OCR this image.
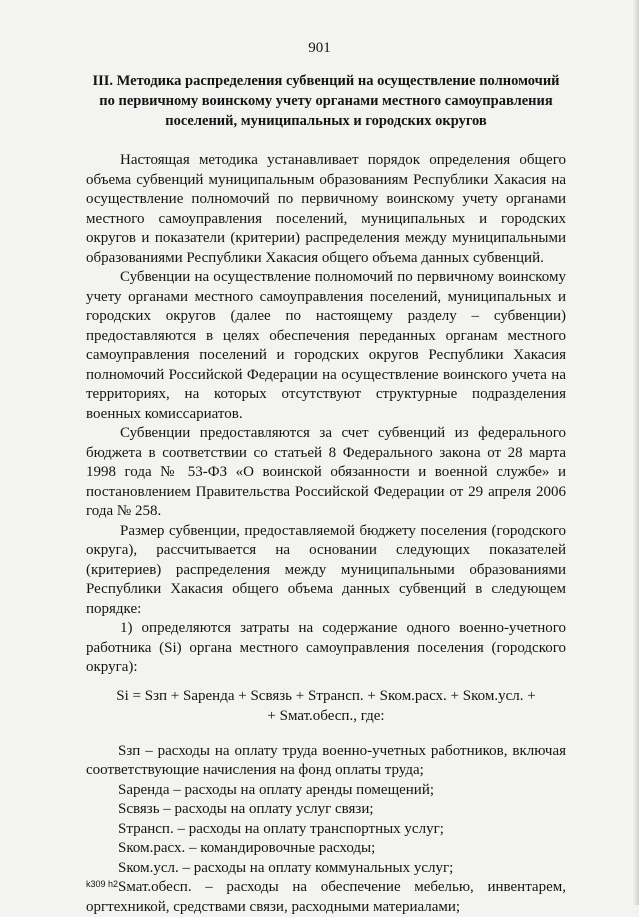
901
III. Методика распределения субвенций на осуществление полномочий
по первичному воинскому учету органами местного самоуправления
поселений, муниципальных и городских округов

Настоящая методика устанавливает порядок определения общего объема субвенций муниципальным образованиям Республики Хакасия на осуществление полномочий по первичному воинскому учету органами местного самоуправления поселений, муниципальных и городских округов и показатели (критерии) распределения между муниципальными образованиями Республики Хакасия общего объема данных субвенций.

Субвенции на осуществление полномочий по первичному воинскому учету органами местного самоуправления поселений, муниципальных и городских округов (далее по настоящему разделу – субвенции) предоставляются в целях обеспечения переданных органам местного самоуправления поселений и городских округов Республики Хакасия полномочий Российской Федерации на осуществление воинского учета на территориях, на которых отсутствуют структурные подразделения военных комиссариатов.

Субвенции предоставляются за счет субвенций из федерального бюджета в соответствии со статьей 8 Федерального закона от 28 марта 1998 года № 53-ФЗ «О воинской обязанности и военной службе» и постановлением Правительства Российской Федерации от 29 апреля 2006 года № 258.

Размер субвенции, предоставляемой бюджету поселения (городского округа), рассчитывается на основании следующих показателей (критериев) распределения между муниципальными образованиями Республики Хакасия общего объема данных субвенций в следующем порядке:

1) определяются затраты на содержание одного военно-учетного работника (Si) органа местного самоуправления поселения (городского округа):

Si = Sзп + Sаренда + Sсвязь + Sтрансп. + Sком.расх. + Sком.усл. +
+ Sмат.обесп., где:

Sзп – расходы на оплату труда военно-учетных работников, включая соответствующие начисления на фонд оплаты труда;

Sаренда – расходы на оплату аренды помещений;

Sсвязь – расходы на оплату услуг связи;

Sтрансп. – расходы на оплату транспортных услуг;

Sком.расх. – командировочные расходы;

Sком.усл. – расходы на оплату коммунальных услуг;

Sмат.обесп. – расходы на обеспечение мебелью, инвентарем, оргтехникой, средствами связи, расходными материалами;

k309 h2
